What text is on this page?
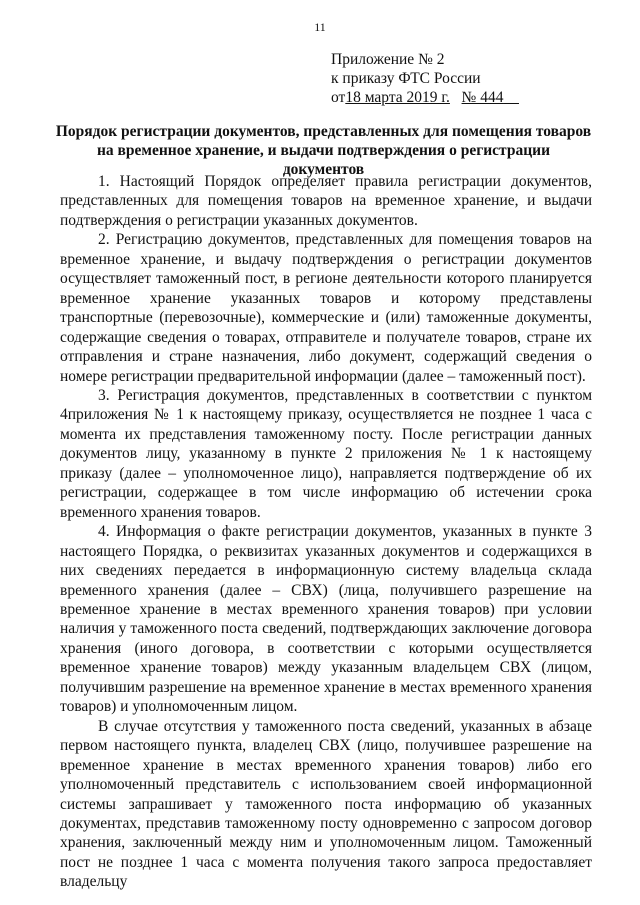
11
Приложение № 2
к приказу ФТС России
от18 марта 2019 г. № 444
Порядок регистрации документов, представленных для помещения товаров на временное хранение, и выдачи подтверждения о регистрации документов

1. Настоящий Порядок определяет правила регистрации документов, представленных для помещения товаров на временное хранение, и выдачи подтверждения о регистрации указанных документов.

2. Регистрацию документов, представленных для помещения товаров на временное хранение, и выдачу подтверждения о регистрации документов осуществляет таможенный пост, в регионе деятельности которого планируется временное хранение указанных товаров и которому представлены транспортные (перевозочные), коммерческие и (или) таможенные документы, содержащие сведения о товарах, отправителе и получателе товаров, стране их отправления и стране назначения, либо документ, содержащий сведения о номере регистрации предварительной информации (далее – таможенный пост).

3. Регистрация документов, представленных в соответствии с пунктом 4приложения № 1 к настоящему приказу, осуществляется не позднее 1 часа с момента их представления таможенному посту. После регистрации данных документов лицу, указанному в пункте 2 приложения № 1 к настоящему приказу (далее – уполномоченное лицо), направляется подтверждение об их регистрации, содержащее в том числе информацию об истечении срока временного хранения товаров.

4. Информация о факте регистрации документов, указанных в пункте 3 настоящего Порядка, о реквизитах указанных документов и содержащихся в них сведениях передается в информационную систему владельца склада временного хранения (далее – СВХ) (лица, получившего разрешение на временное хранение в местах временного хранения товаров) при условии наличия у таможенного поста сведений, подтверждающих заключение договора хранения (иного договора, в соответствии с которыми осуществляется временное хранение товаров) между указанным владельцем СВХ (лицом, получившим разрешение на временное хранение в местах временного хранения товаров) и уполномоченным лицом.

В случае отсутствия у таможенного поста сведений, указанных в абзаце первом настоящего пункта, владелец СВХ (лицо, получившее разрешение на временное хранение в местах временного хранения товаров) либо его уполномоченный представитель с использованием своей информационной системы запрашивает у таможенного поста информацию об указанных документах, представив таможенному посту одновременно с запросом договор хранения, заключенный между ним и уполномоченным лицом. Таможенный пост не позднее 1 часа с момента получения такого запроса предоставляет владельцу
